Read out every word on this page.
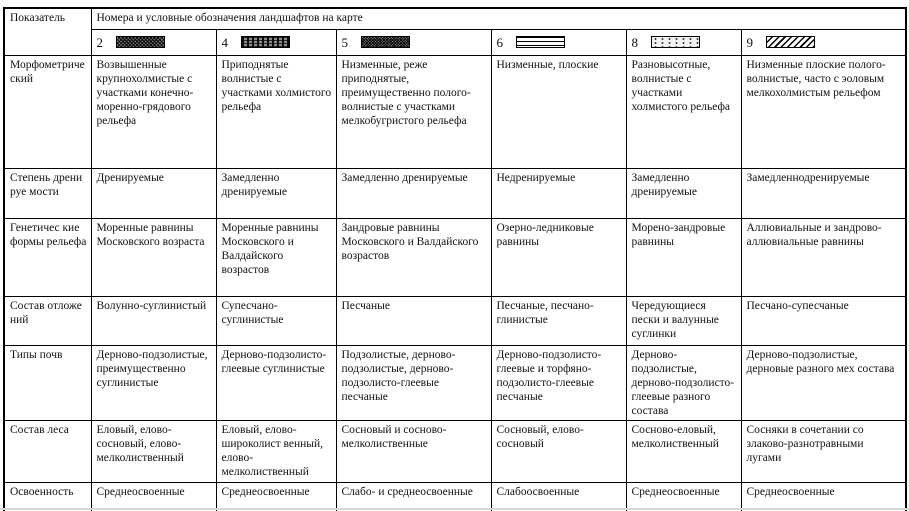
Показатель	Номера и условные обозначения ландшафтов на карте					

	2	4	5	6	8	9

Морфометрический	Возвышенные крупнохолмистые с участками конечно-моренно-грядового рельефа	Приподнятые волнистые с участками холмистого рельефа	Низменные, реже приподнятые, преимущественно полого-волнистые с участками мелкобугристого рельефа	Низменные, плоские	Разновысотные, волнистые с участками холмистого рельефа	Низменные плоские полого-волнистые, часто с эоловым мелкохолмистым рельефом
Степень дренируе мости	Дренируемые	Замедленно дренируемые	Замедленно дренируемые	Недренируемые	Замедленно дренируемые	Замедленнодренируемые
Генетичес кие формы рельефа	Моренные равнины Московского возраста	Моренные равнины Московского и Валдайского возрастов	Зандровые равнины Московского и Валдайского возрастов	Озерно-ледниковые равнины	Морено-зандровые равнины	Аллювиальные и зандрово-аллювиальные равнины
Состав отложений	Волунно-суглинистый	Супесчано-суглинистые	Песчаные	Песчаные, песчано-глинистые	Чередующиеся пески и валунные суглинки	Песчано-супесчаные
Типы почв	Дерново-подзолистые, преимущественно суглинистые	Дерново-подзолисто-глеевые суглинистые	Подзолистые, дерново-подзолистые, дерново-подзолисто-глеевые песчаные	Дерново-подзолисто-глеевые и торфяно-подзолисто-глеевые песчаные	Дерново-подзолистые, дерново-подзолисто-глеевые разного состава	Дерново-подзолистые, дерновые разного мех состава
Состав леса	Еловый, елово-сосновый, елово-мелколиственный	Еловый, елово-широколист венный, елово-мелколиственный	Сосновый и сосново-мелколиственные	Сосновый, елово-сосновый	Сосново-еловый, мелколиственный	Сосняки в сочетании со злаково-разнотравными лугами
Освоенность	Среднеосвоенные	Среднеосвоенные	Слабо- и среднеосвоенные	Слабоосвоенные	Среднеосвоенные	Среднеосвоенные
